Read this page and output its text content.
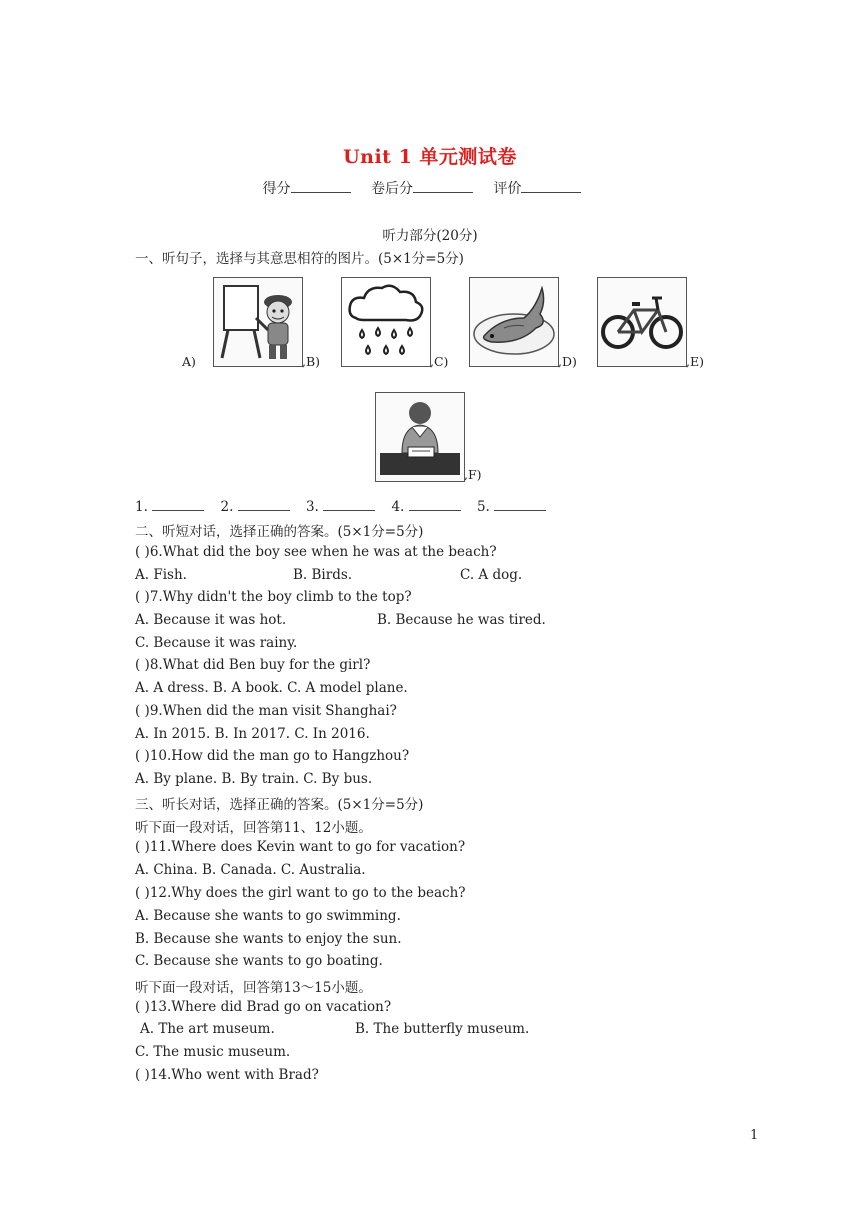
Unit 1 单元测试卷
得分	卷后分	评价
听力部分(20分)
一、听句子，选择与其意思相符的图片。(5×1分=5分)
A)	,B)	,C)	,D)	,E)
,F)
1.	2.	3.	4.	5.
二、听短对话，选择正确的答案。(5×1分=5分)
( )6.What did the boy see when he was at the beach?
A. Fish.	B. Birds.	C. A dog.
( )7.Why didn't the boy climb to the top?
A. Because it was hot.	B. Because he was tired.
C. Because it was rainy.
( )8.What did Ben buy for the girl?
A. A dress. B. A book. C. A model plane.
( )9.When did the man visit Shanghai?
A. In 2015. B. In 2017. C. In 2016.
( )10.How did the man go to Hangzhou?
A. By plane. B. By train. C. By bus.
三、听长对话，选择正确的答案。(5×1分=5分)
听下面一段对话，回答第11、12小题。
( )11.Where does Kevin want to go for vacation?
A. China. B. Canada. C. Australia.
( )12.Why does the girl want to go to the beach?
A. Because she wants to go swimming.
B. Because she wants to enjoy the sun.
C. Because she wants to go boating.
听下面一段对话，回答第13～15小题。
( )13.Where did Brad go on vacation?
A. The art museum.	B. The butterfly museum.
C. The music museum.
( )14.Who went with Brad?
1
